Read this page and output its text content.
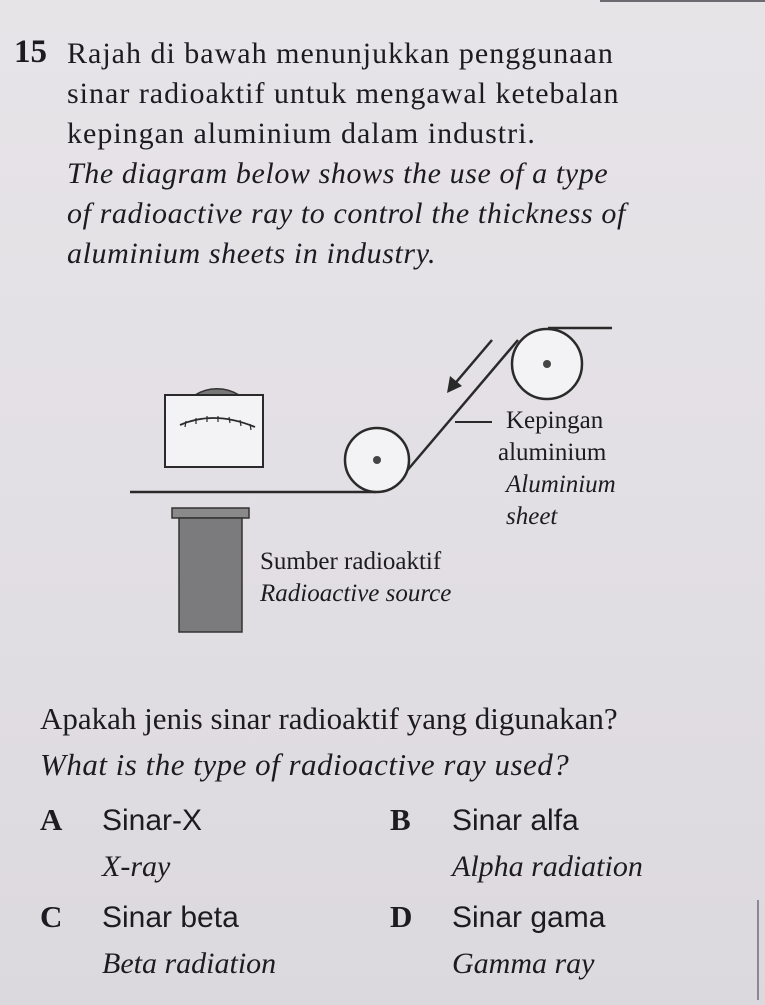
15 Rajah di bawah menunjukkan penggunaan
sinar radioaktif untuk mengawal ketebalan
kepingan aluminium dalam industri.
The diagram below shows the use of a type
of radioactive ray to control the thickness of
aluminium sheets in industry.
Kepingan
aluminium
Aluminium
sheet
Sumber radioaktif
Radioactive source
Apakah jenis sinar radioaktif yang digunakan?
What is the type of radioactive ray used?
A Sinar-X
X-ray
B Sinar alfa
Alpha radiation
C Sinar beta
Beta radiation
D Sinar gama
Gamma ray
